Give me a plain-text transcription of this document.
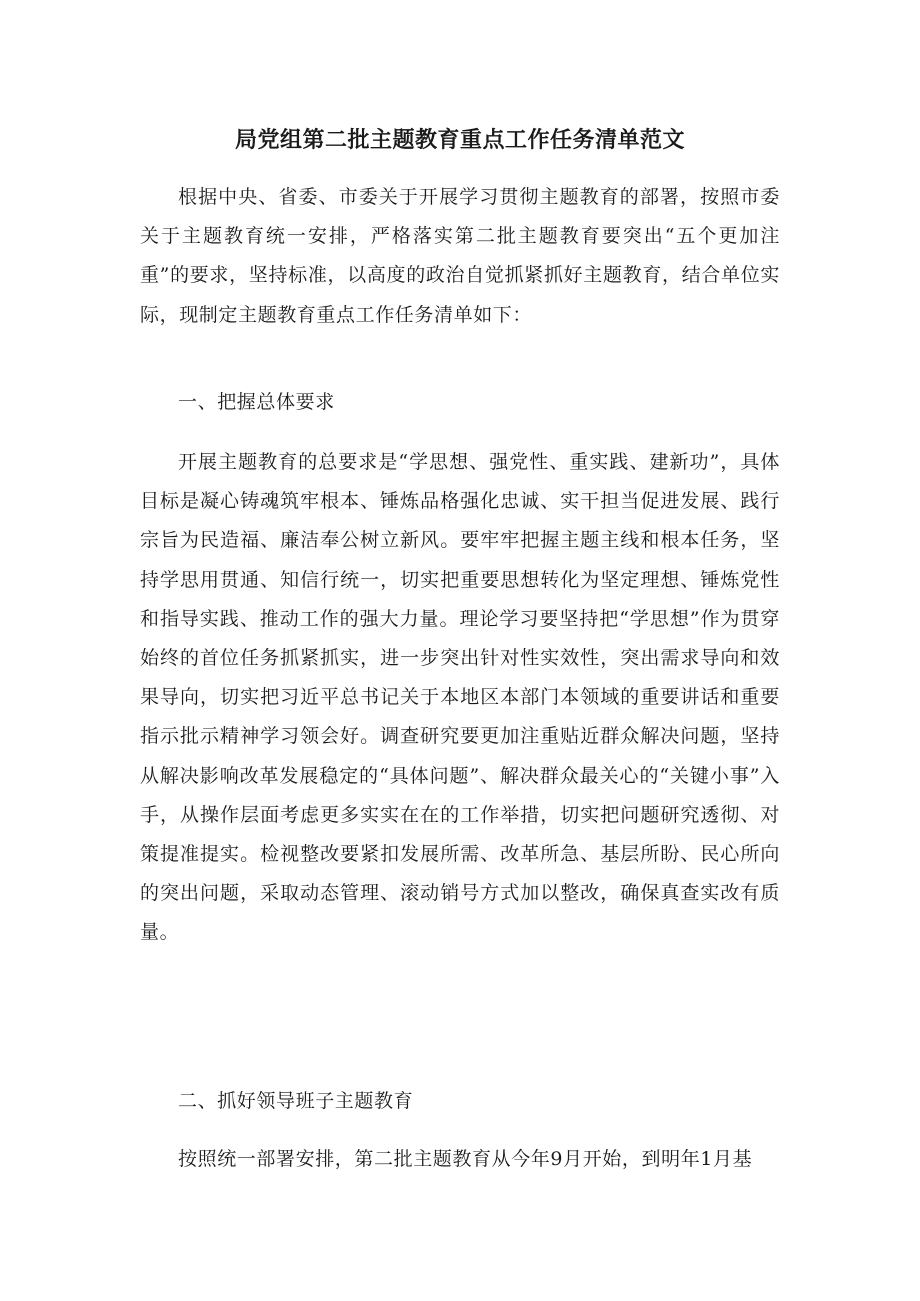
局党组第二批主题教育重点工作任务清单范文
根据中央、省委、市委关于开展学习贯彻主题教育的部署，按照市委关于主题教育统一安排，严格落实第二批主题教育要突出“五个更加注重”的要求，坚持标准，以高度的政治自觉抓紧抓好主题教育，结合单位实际，现制定主题教育重点工作任务清单如下：
一、把握总体要求
开展主题教育的总要求是“学思想、强党性、重实践、建新功”，具体目标是凝心铸魂筑牢根本、锤炼品格强化忠诚、实干担当促进发展、践行宗旨为民造福、廉洁奉公树立新风。要牢牢把握主题主线和根本任务，坚持学思用贯通、知信行统一，切实把重要思想转化为坚定理想、锤炼党性和指导实践、推动工作的强大力量。理论学习要坚持把“学思想”作为贯穿始终的首位任务抓紧抓实，进一步突出针对性实效性，突出需求导向和效果导向，切实把习近平总书记关于本地区本部门本领域的重要讲话和重要指示批示精神学习领会好。调查研究要更加注重贴近群众解决问题，坚持从解决影响改革发展稳定的“具体问题”、解决群众最关心的“关键小事”入手，从操作层面考虑更多实实在在的工作举措，切实把问题研究透彻、对策提准提实。检视整改要紧扣发展所需、改革所急、基层所盼、民心所向的突出问题，采取动态管理、滚动销号方式加以整改，确保真查实改有质量。
二、抓好领导班子主题教育
按照统一部署安排，第二批主题教育从今年9月开始，到明年1月基
